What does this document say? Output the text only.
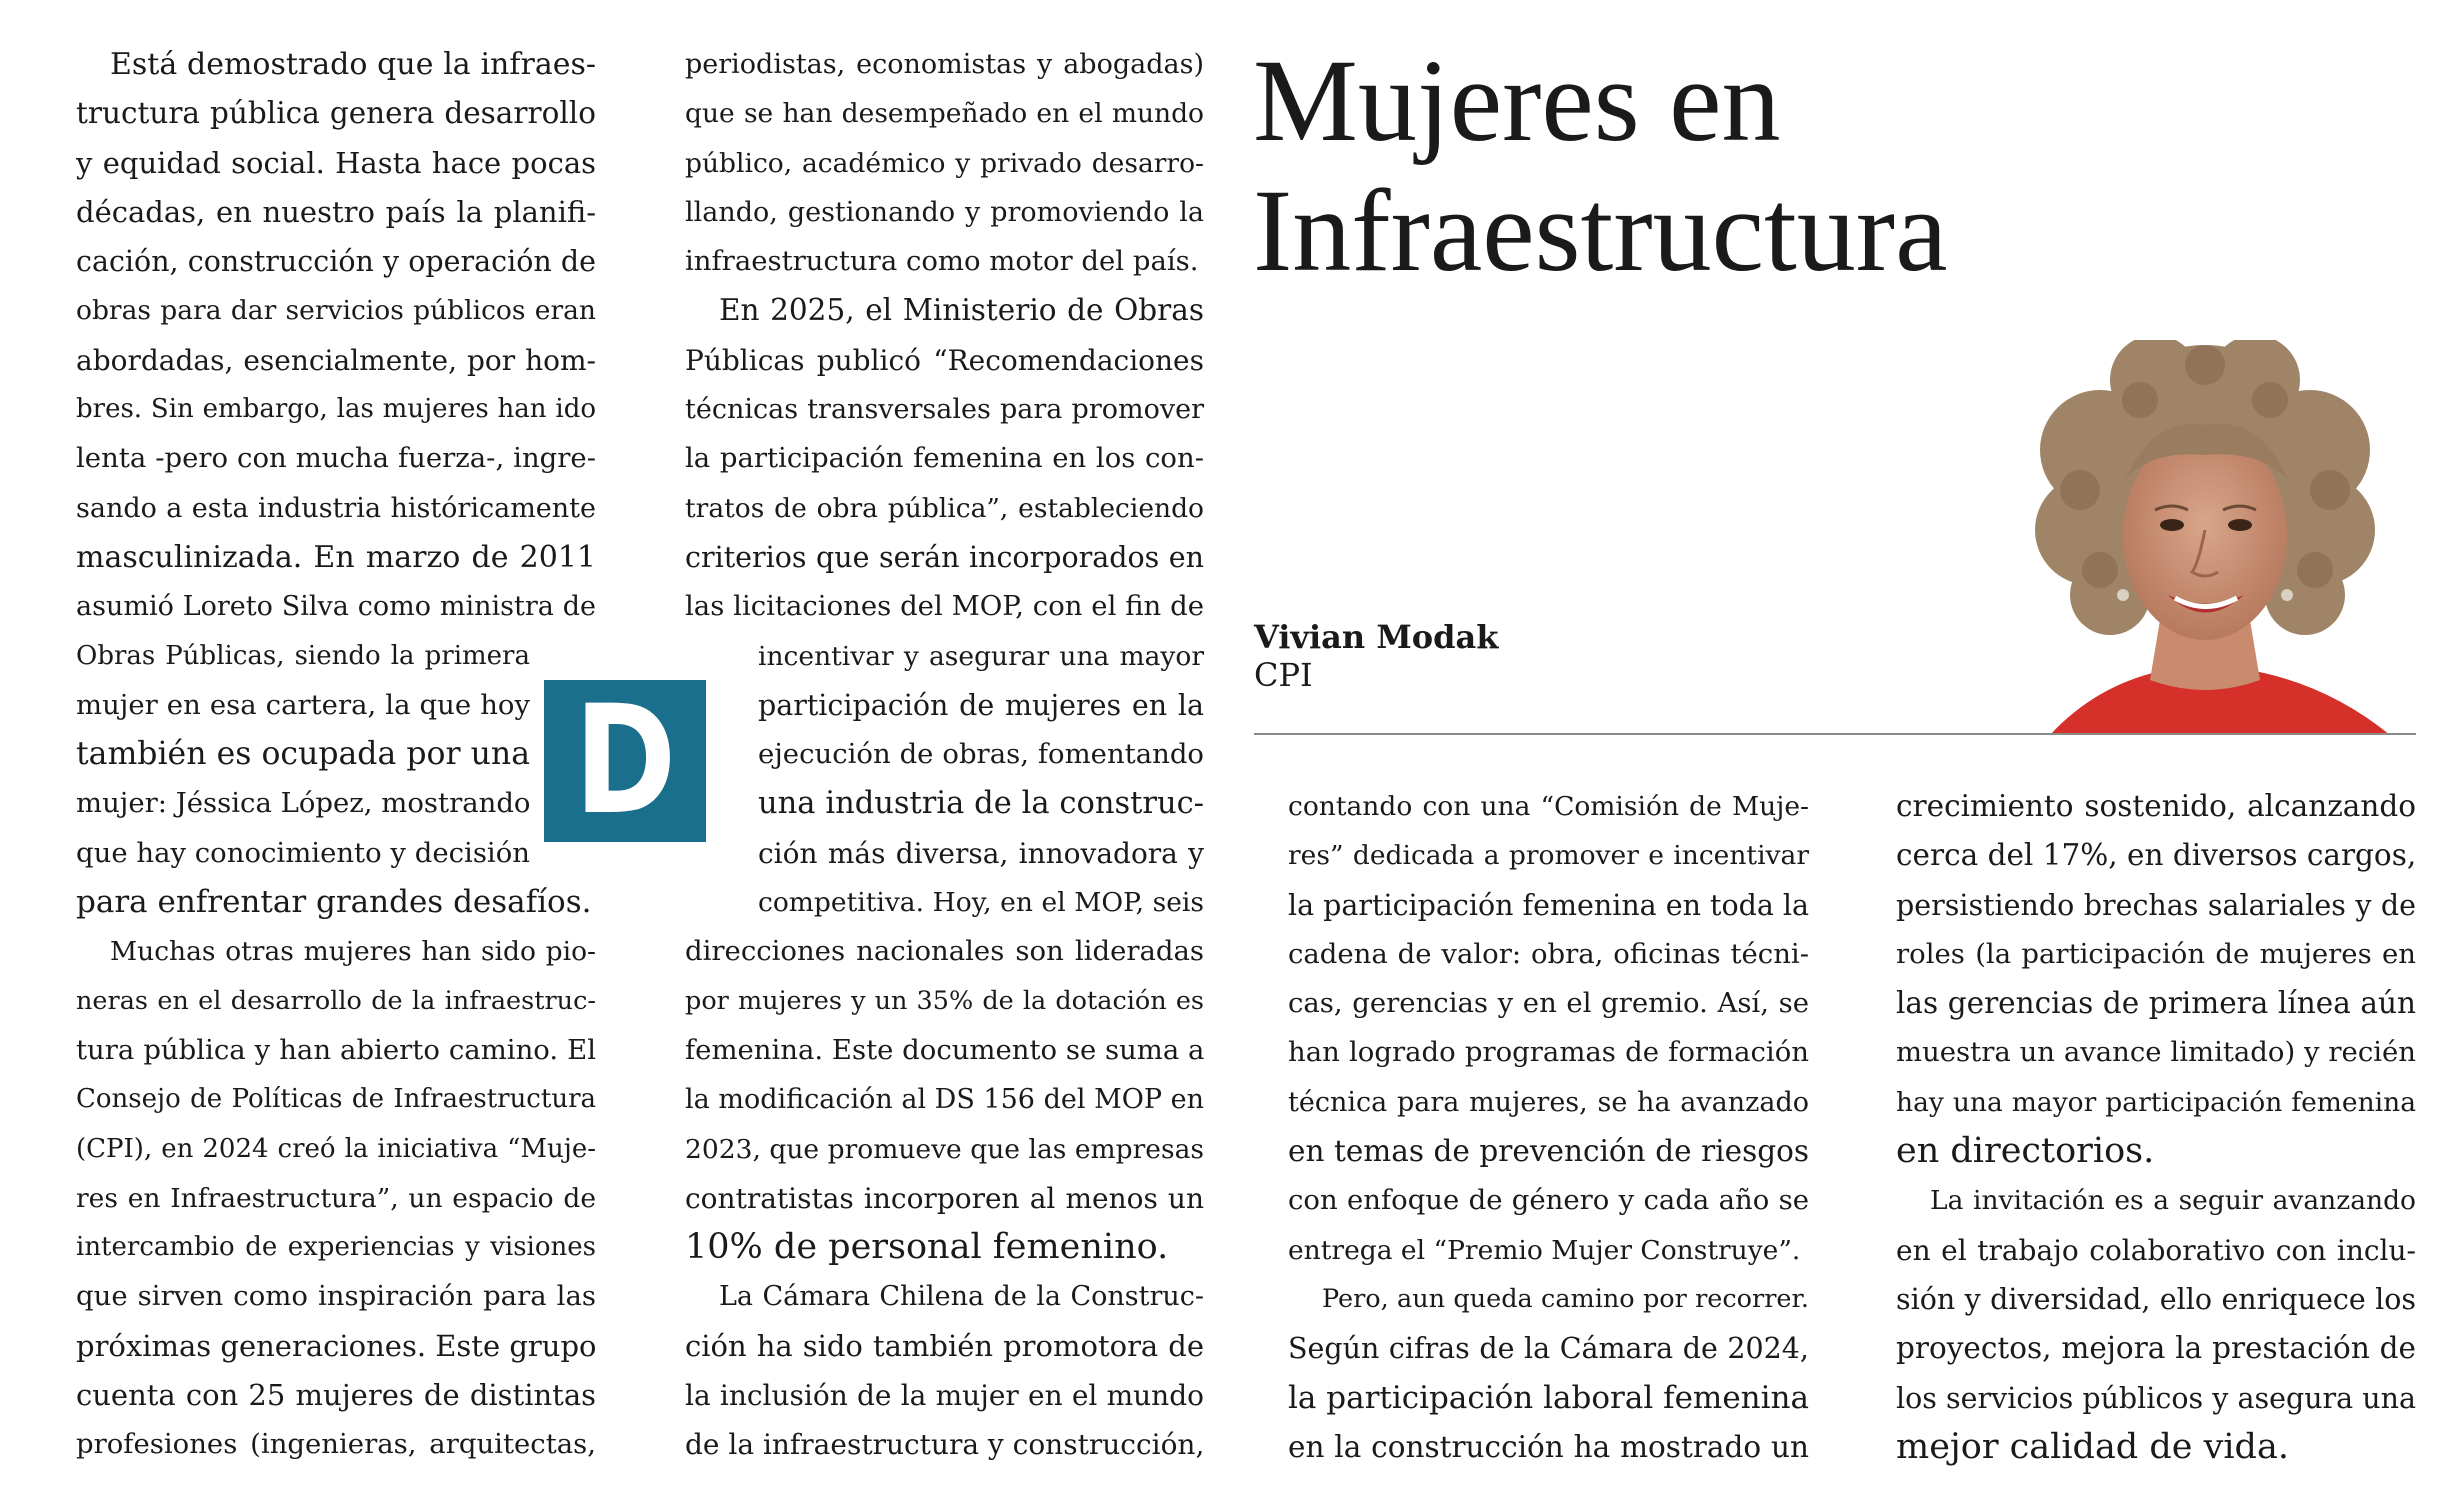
Está demostrado que la infraes-
tructura pública genera desarrollo
y equidad social. Hasta hace pocas
décadas, en nuestro país la planifi-
cación, construcción y operación de
obras para dar servicios públicos eran
abordadas, esencialmente, por hom-
bres. Sin embargo, las mujeres han ido
lenta -pero con mucha fuerza-, ingre-
sando a esta industria históricamente
masculinizada. En marzo de 2011
asumió Loreto Silva como ministra de
Obras Públicas, siendo la primera
mujer en esa cartera, la que hoy
también es ocupada por una
mujer: Jéssica López, mostrando
que hay conocimiento y decisión
para enfrentar grandes desafíos.

Muchas otras mujeres han sido pio-
neras en el desarrollo de la infraestruc-
tura pública y han abierto camino. El
Consejo de Políticas de Infraestructura
(CPI), en 2024 creó la iniciativa “Muje-
res en Infraestructura”, un espacio de
intercambio de experiencias y visiones
que sirven como inspiración para las
próximas generaciones. Este grupo
cuenta con 25 mujeres de distintas
profesiones (ingenieras, arquitectas,

D

periodistas, economistas y abogadas)
que se han desempeñado en el mundo
público, académico y privado desarro-
llando, gestionando y promoviendo la
infraestructura como motor del país.

En 2025, el Ministerio de Obras
Públicas publicó “Recomendaciones
técnicas transversales para promover
la participación femenina en los con-
tratos de obra pública”, estableciendo
criterios que serán incorporados en
las licitaciones del MOP, con el fin de
incentivar y asegurar una mayor
participación de mujeres en la
ejecución de obras, fomentando
una industria de la construc-
ción más diversa, innovadora y
competitiva. Hoy, en el MOP, seis
direcciones nacionales son lideradas
por mujeres y un 35% de la dotación es
femenina. Este documento se suma a
la modificación al DS 156 del MOP en
2023, que promueve que las empresas
contratistas incorporen al menos un
10% de personal femenino.

La Cámara Chilena de la Construc-
ción ha sido también promotora de
la inclusión de la mujer en el mundo
de la infraestructura y construcción,

Mujeres en
Infraestructura
Vivian Modak
CPI

contando con una “Comisión de Muje-
res” dedicada a promover e incentivar
la participación femenina en toda la
cadena de valor: obra, oficinas técni-
cas, gerencias y en el gremio. Así, se
han logrado programas de formación
técnica para mujeres, se ha avanzado
en temas de prevención de riesgos
con enfoque de género y cada año se
entrega el “Premio Mujer Construye”.

Pero, aun queda camino por recorrer.
Según cifras de la Cámara de 2024,
la participación laboral femenina
en la construcción ha mostrado un

crecimiento sostenido, alcanzando
cerca del 17%, en diversos cargos,
persistiendo brechas salariales y de
roles (la participación de mujeres en
las gerencias de primera línea aún
muestra un avance limitado) y recién
hay una mayor participación femenina
en directorios.

La invitación es a seguir avanzando
en el trabajo colaborativo con inclu-
sión y diversidad, ello enriquece los
proyectos, mejora la prestación de
los servicios públicos y asegura una
mejor calidad de vida.
